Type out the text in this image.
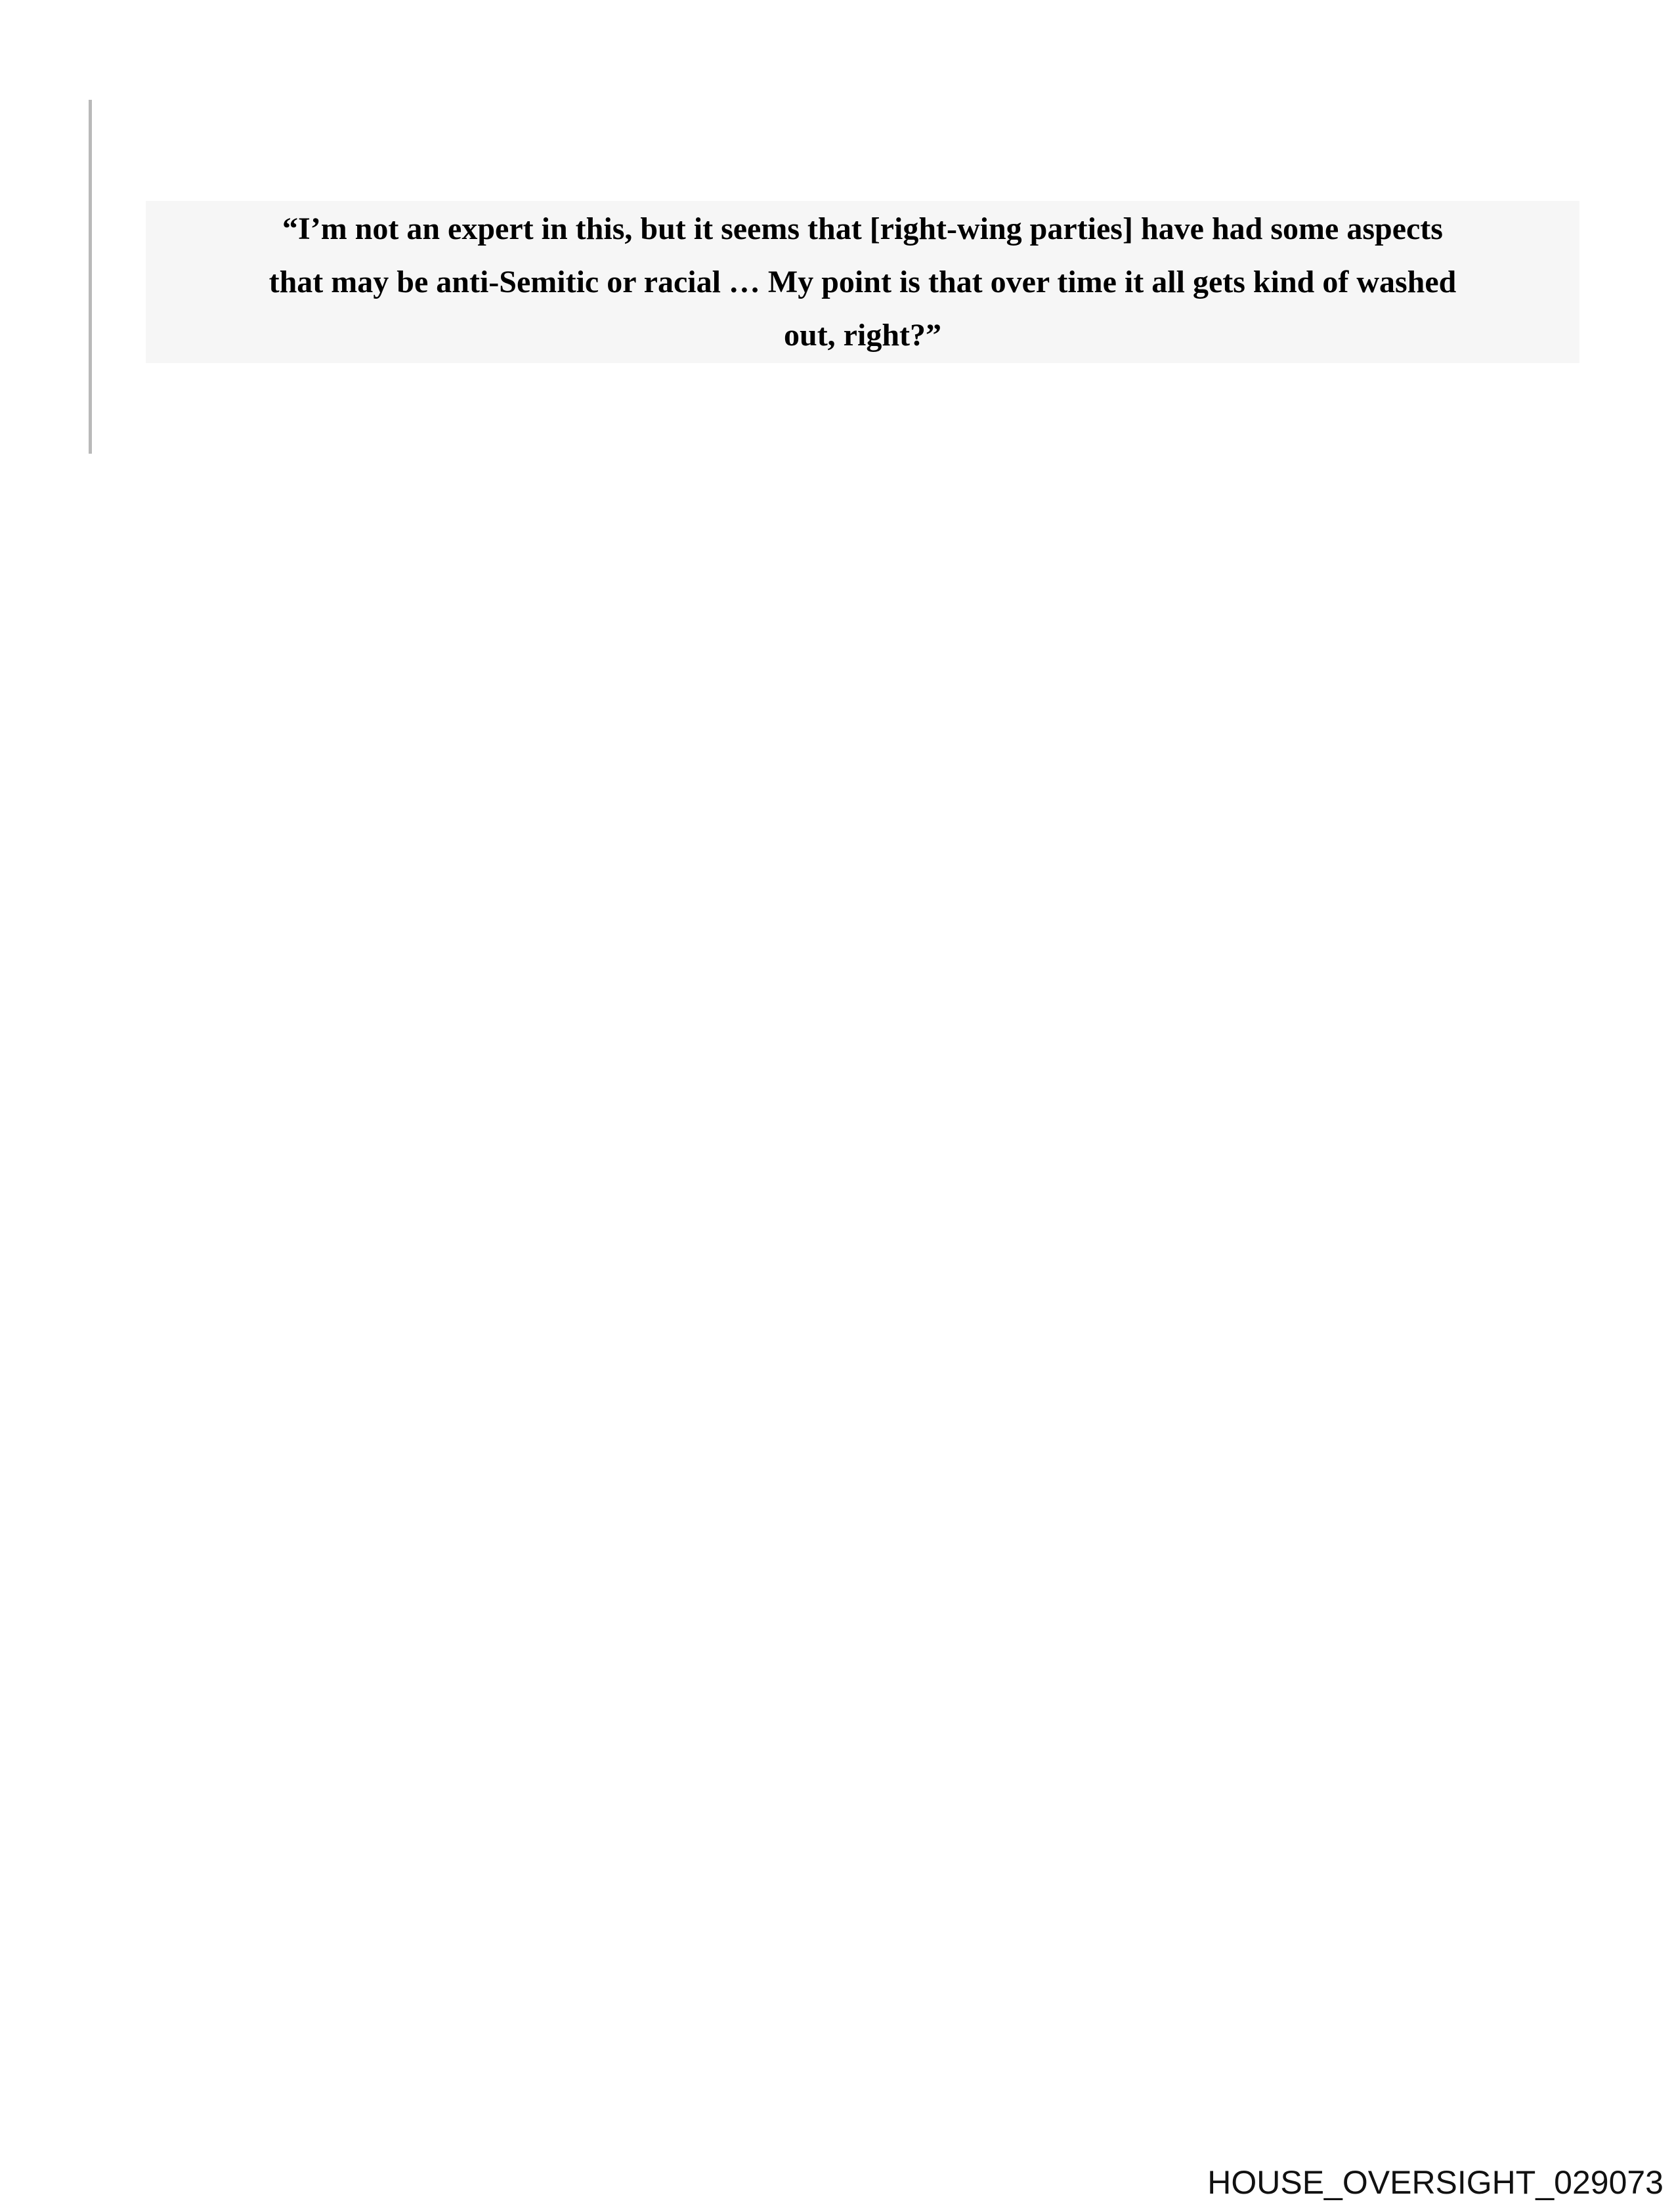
“I’m not an expert in this, but it seems that [right-wing parties] have had some aspects
that may be anti-Semitic or racial … My point is that over time it all gets kind of washed
out, right?”
HOUSE_OVERSIGHT_029073
